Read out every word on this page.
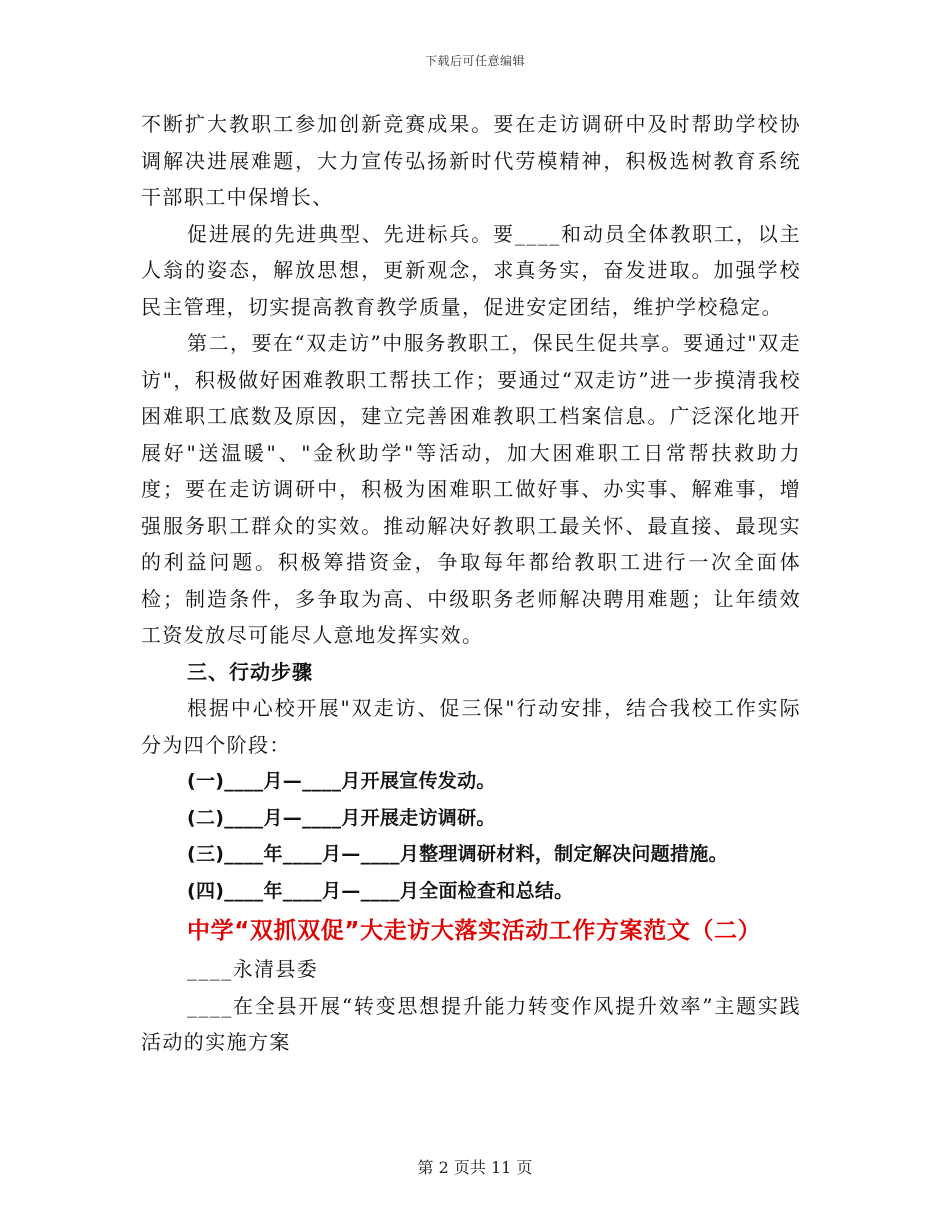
下载后可任意编辑

不断扩大教职工参加创新竞赛成果。要在走访调研中及时帮助学校协调解决进展难题，大力宣传弘扬新时代劳模精神，积极选树教育系统干部职工中保增长、

促进展的先进典型、先进标兵。要____和动员全体教职工，以主人翁的姿态，解放思想，更新观念，求真务实，奋发进取。加强学校民主管理，切实提高教育教学质量，促进安定团结，维护学校稳定。

第二，要在“双走访”中服务教职工，保民生促共享。要通过"双走访"，积极做好困难教职工帮扶工作；要通过“双走访”进一步摸清我校困难职工底数及原因，建立完善困难教职工档案信息。广泛深化地开展好"送温暖"、"金秋助学"等活动，加大困难职工日常帮扶救助力度；要在走访调研中，积极为困难职工做好事、办实事、解难事，增强服务职工群众的实效。推动解决好教职工最关怀、最直接、最现实的利益问题。积极筹措资金，争取每年都给教职工进行一次全面体检；制造条件，多争取为高、中级职务老师解决聘用难题；让年绩效工资发放尽可能尽人意地发挥实效。

三、行动步骤

根据中心校开展"双走访、促三保"行动安排，结合我校工作实际分为四个阶段：

(一)____月—____月开展宣传发动。

(二)____月—____月开展走访调研。

(三)____年____月—____月整理调研材料，制定解决问题措施。

(四)____年____月—____月全面检查和总结。

中学“双抓双促”大走访大落实活动工作方案范文（二）

____永清县委

____在全县开展“转变思想提升能力转变作风提升效率”主题实践活动的实施方案

第 2 页共 11 页
